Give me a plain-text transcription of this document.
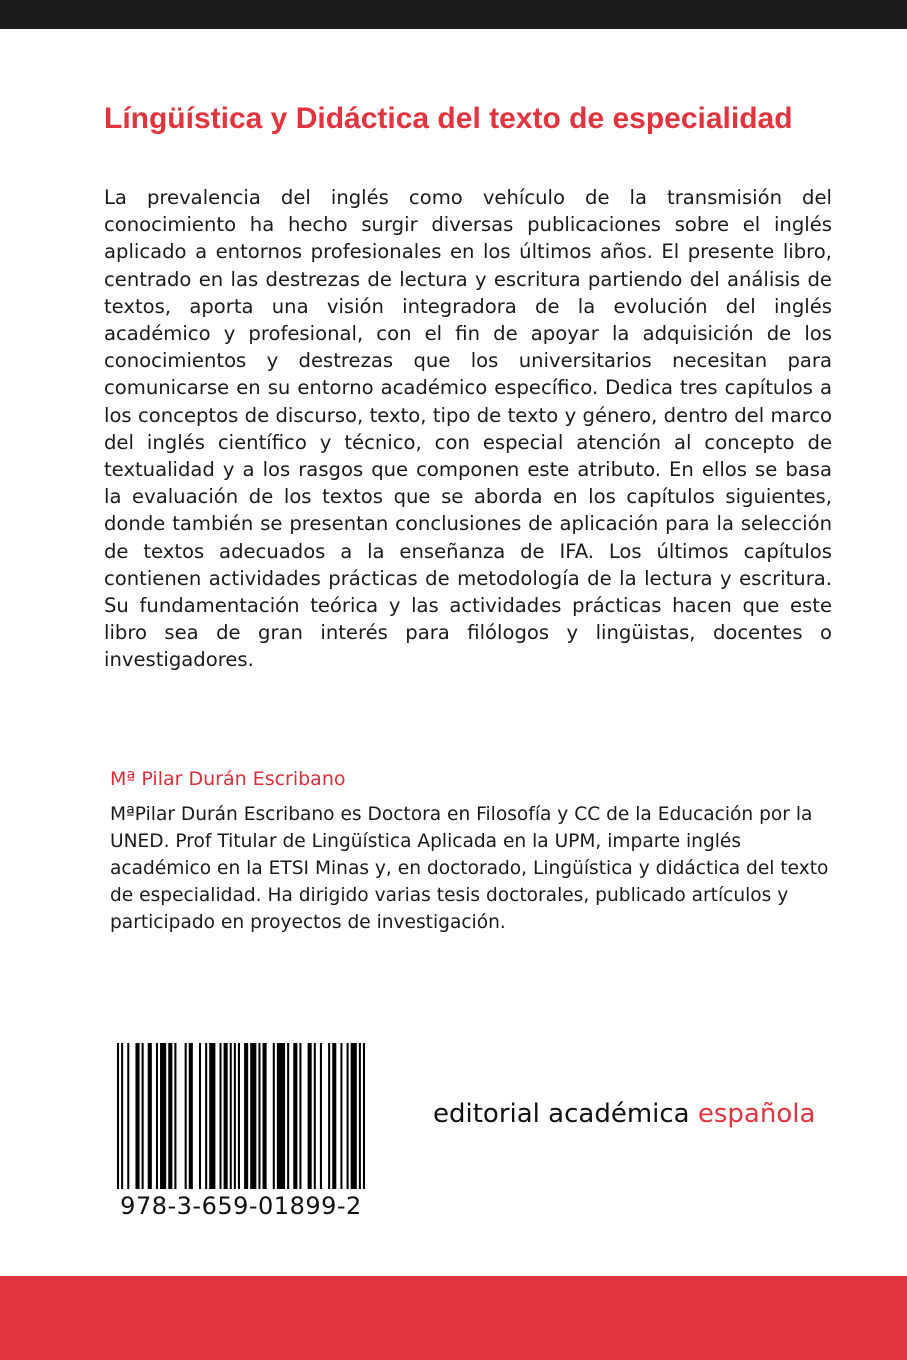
Língüística y Didáctica del texto de especialidad

La prevalencia del inglés como vehículo de la transmisión del conocimiento ha hecho surgir diversas publicaciones sobre el inglés aplicado a entornos profesionales en los últimos años. El presente libro, centrado en las destrezas de lectura y escritura partiendo del análisis de textos, aporta una visión integradora de la evolución del inglés académico y profesional, con el fin de apoyar la adquisición de los conocimientos y destrezas que los universitarios necesitan para comunicarse en su entorno académico específico. Dedica tres capítulos a los conceptos de discurso, texto, tipo de texto y género, dentro del marco del inglés científico y técnico, con especial atención al concepto de textualidad y a los rasgos que componen este atributo. En ellos se basa la evaluación de los textos que se aborda en los capítulos siguientes, donde también se presentan conclusiones de aplicación para la selección de textos adecuados a la enseñanza de IFA. Los últimos capítulos contienen actividades prácticas de metodología de la lectura y escritura. Su fundamentación teórica y las actividades prácticas hacen que este libro sea de gran interés para filólogos y lingüistas, docentes o investigadores.

Mª Pilar Durán Escribano

MªPilar Durán Escribano es Doctora en Filosofía y CC de la Educación por la UNED. Prof Titular de Lingüística Aplicada en la UPM, imparte inglés académico en la ETSI Minas y, en doctorado, Lingüística y didáctica del texto de especialidad. Ha dirigido varias tesis doctorales, publicado artículos y participado en proyectos de investigación.

978-3-659-01899-2

editorial académica española
